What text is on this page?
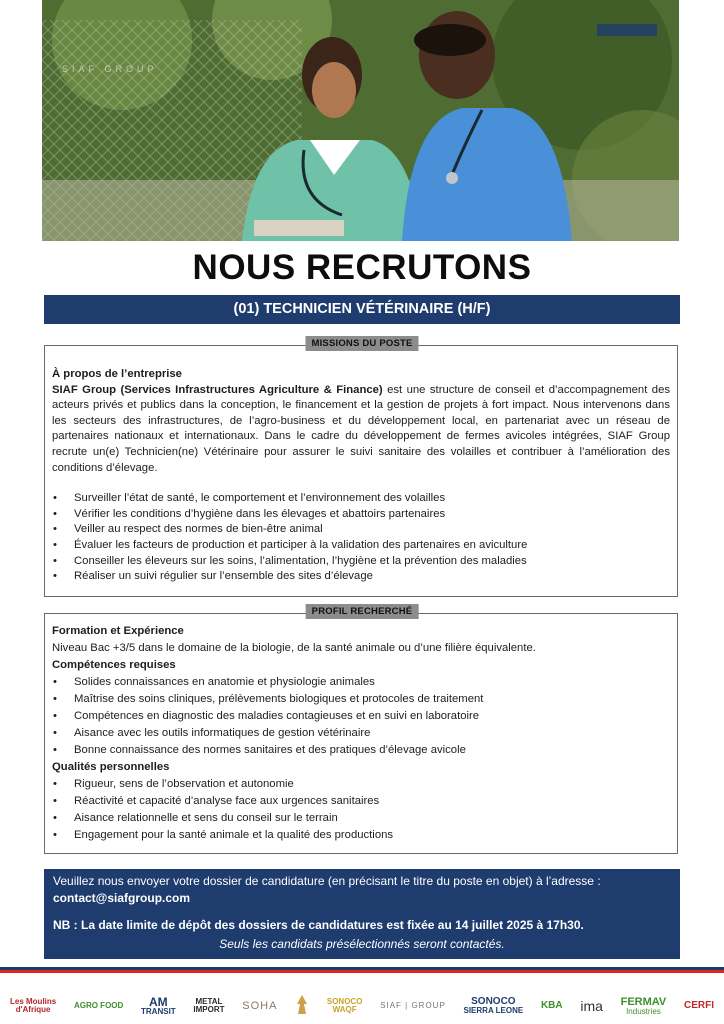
SIAF GROUP
NOUS RECRUTONS
(01) TECHNICIEN VÉTÉRINAIRE (H/F)
MISSIONS DU POSTE
À propos de l’entreprise
SIAF Group (Services Infrastructures Agriculture & Finance) est une structure de conseil et d’accompagnement des acteurs privés et publics dans la conception, le financement et la gestion de projets à fort impact. Nous intervenons dans les secteurs des infrastructures, de l’agro-business et du développement local, en partenariat avec un réseau de partenaires nationaux et internationaux. Dans le cadre du développement de fermes avicoles intégrées, SIAF Group recrute un(e) Technicien(ne) Vétérinaire pour assurer le suivi sanitaire des volailles et contribuer à l’amélioration des conditions d’élevage.
• Surveiller l’état de santé, le comportement et l’environnement des volailles
• Vérifier les conditions d’hygiène dans les élevages et abattoirs partenaires
• Veiller au respect des normes de bien-être animal
• Évaluer les facteurs de production et participer à la validation des partenaires en aviculture
• Conseiller les éleveurs sur les soins, l’alimentation, l’hygiène et la prévention des maladies
• Réaliser un suivi régulier sur l’ensemble des sites d’élevage
PROFIL RECHERCHÉ
Formation et Expérience
Niveau Bac +3/5 dans le domaine de la biologie, de la santé animale ou d’une filière équivalente.
Compétences requises
• Solides connaissances en anatomie et physiologie animales
• Maîtrise des soins cliniques, prélèvements biologiques et protocoles de traitement
• Compétences en diagnostic des maladies contagieuses et en suivi en laboratoire
• Aisance avec les outils informatiques de gestion vétérinaire
• Bonne connaissance des normes sanitaires et des pratiques d’élevage avicole
Qualités personnelles
• Rigueur, sens de l’observation et autonomie
• Réactivité et capacité d’analyse face aux urgences sanitaires
• Aisance relationnelle et sens du conseil sur le terrain
• Engagement pour la santé animale et la qualité des productions
Veuillez nous envoyer votre dossier de candidature (en précisant le titre du poste en objet) à l’adresse :
contact@siafgroup.com
NB : La date limite de dépôt des dossiers de candidatures est fixée au 14 juillet 2025 à 17h30.
Seuls les candidats présélectionnés seront contactés.
Les Moulins
d'Afrique	AGRO FOOD	AM
TRANSIT
METAL
IMPORT SOHA	SONOCO
WAQF	SIAF | GROUP	SONOCO
SIERRA LEONE KBA ima FERMAV
Industries	CERFI
